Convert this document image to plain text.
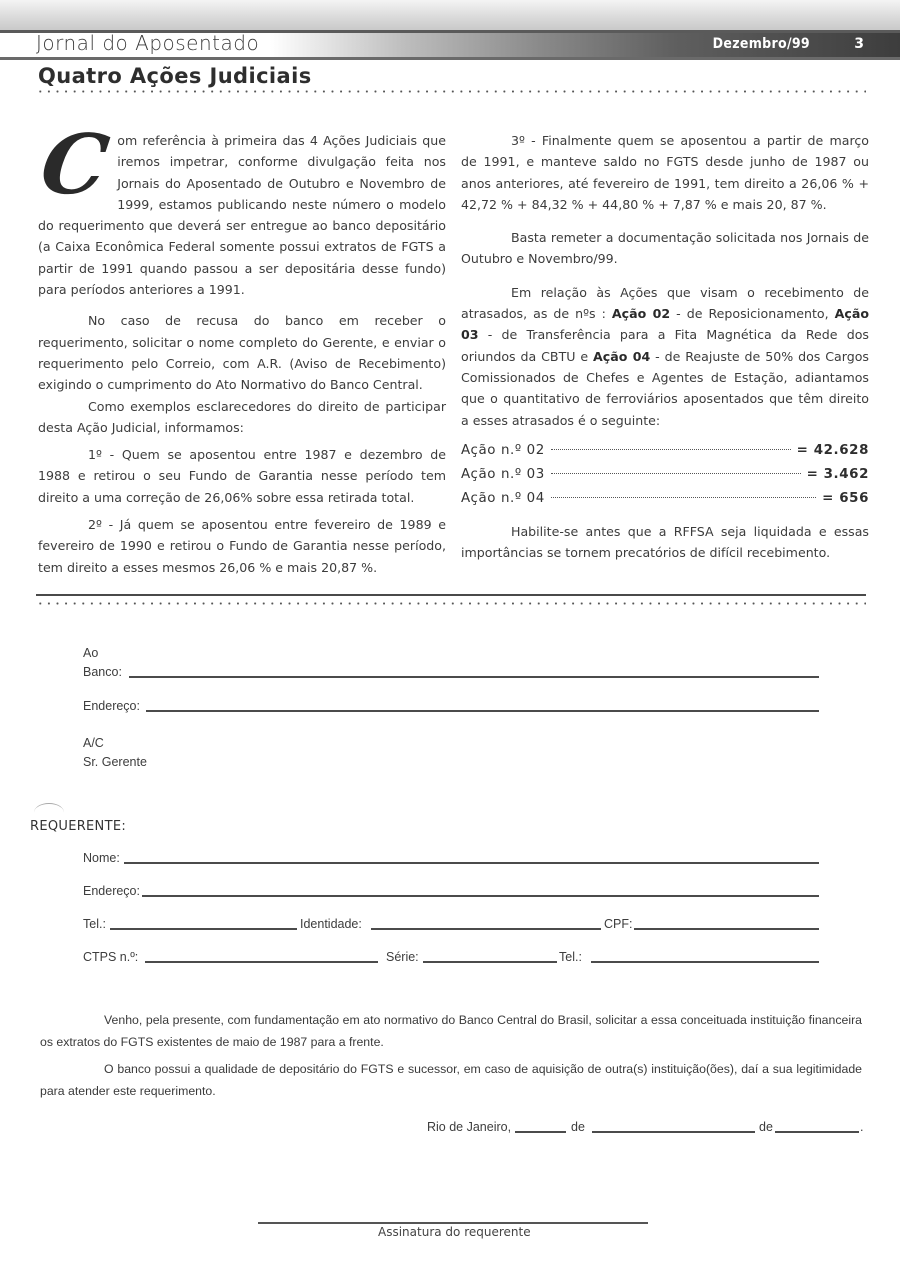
Jornal do Aposentado	Dezembro/99	3
Quatro Ações Judiciais

Com referência à primeira das 4 Ações Judiciais que iremos impetrar, conforme divulgação feita nos Jornais do Aposentado de Outubro e Novembro de 1999, estamos publicando neste número o modelo do requerimento que deverá ser entregue ao banco depositário (a Caixa Econômica Federal somente possui extratos de FGTS a partir de 1991 quando passou a ser depositária desse fundo) para períodos anteriores a 1991.

No caso de recusa do banco em receber o requerimento, solicitar o nome completo do Gerente, e enviar o requerimento pelo Correio, com A.R. (Aviso de Recebimento) exigindo o cumprimento do Ato Normativo do Banco Central.

Como exemplos esclarecedores do direito de participar desta Ação Judicial, informamos:

1º - Quem se aposentou entre 1987 e dezembro de 1988 e retirou o seu Fundo de Garantia nesse período tem direito a uma correção de 26,06% sobre essa retirada total.

2º - Já quem se aposentou entre fevereiro de 1989 e fevereiro de 1990 e retirou o Fundo de Garantia nesse período, tem direito a esses mesmos 26,06 % e mais 20,87 %.

3º - Finalmente quem se aposentou a partir de março de 1991, e manteve saldo no FGTS desde junho de 1987 ou anos anteriores, até fevereiro de 1991, tem direito a 26,06 % + 42,72 % + 84,32 % + 44,80 % + 7,87 % e mais 20, 87 %.

Basta remeter a documentação solicitada nos Jornais de Outubro e Novembro/99.

Em relação às Ações que visam o recebimento de atrasados, as de nºs : Ação 02 - de Reposicionamento, Ação 03 - de Transferência para a Fita Magnética da Rede dos oriundos da CBTU e Ação 04 - de Reajuste de 50% dos Cargos Comissionados de Chefes e Agentes de Estação, adiantamos que o quantitativo de ferroviários aposentados que têm direito a esses atrasados é o seguinte:

Ação n.º 02	= 42.628
Ação n.º 03	= 3.462
Ação n.º 04	= 656

Habilite-se antes que a RFFSA seja liquidada e essas importâncias se tornem precatórios de difícil recebimento.

Ao
Banco:
Endereço:
A/C
Sr. Gerente
REQUERENTE:
Nome:
Endereço:
Tel.:	Identidade:	CPF:
CTPS n.º:	Série:	Tel.:
Venho, pela presente, com fundamentação em ato normativo do Banco Central do Brasil, solicitar a essa conceituada instituição financeira os extratos do FGTS existentes de maio de 1987 para a frente.
O banco possui a qualidade de depositário do FGTS e sucessor, em caso de aquisição de outra(s) instituição(ões), daí a sua legitimidade para atender este requerimento.
Rio de Janeiro,	de	de	.
Assinatura do requerente
